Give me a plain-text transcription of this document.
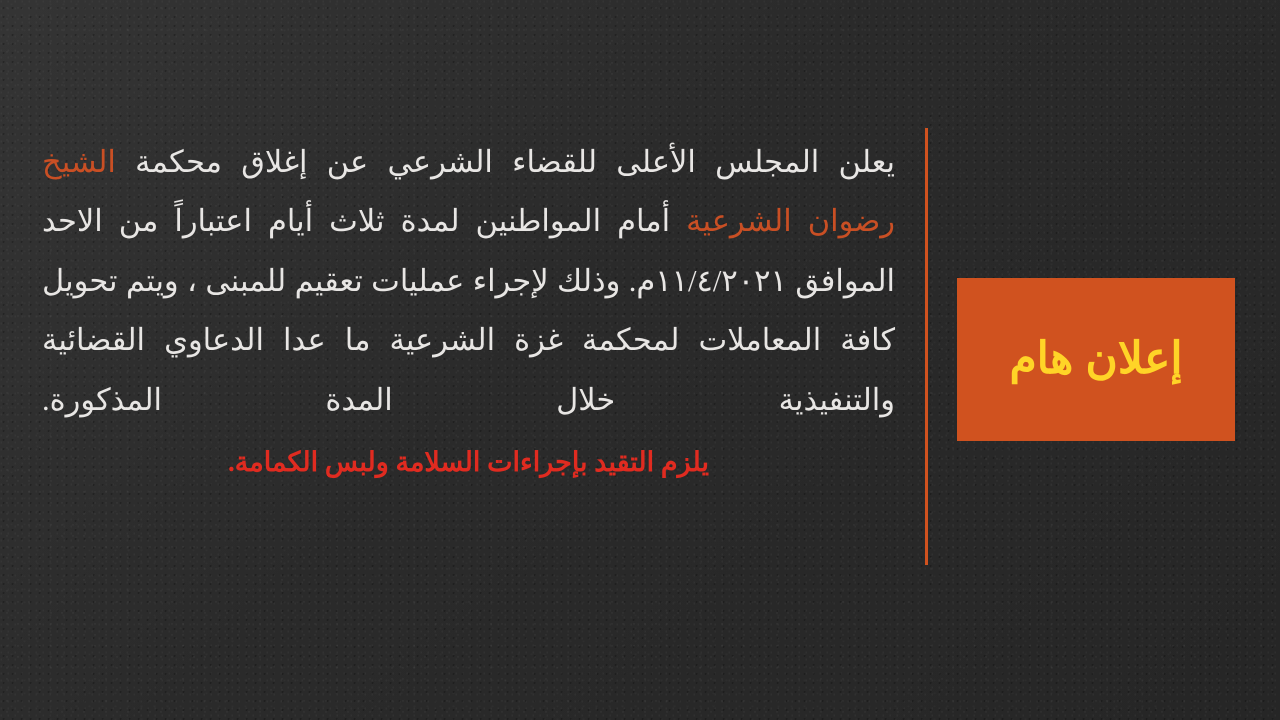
إعلان هام

يعلن المجلس الأعلى للقضاء الشرعي عن إغلاق محكمة الشيخ رضوان الشرعية أمام المواطنين لمدة ثلاث أيام اعتباراً من الاحد الموافق ١١/٤/٢٠٢١م. وذلك لإجراء عمليات تعقيم للمبنى ، ويتم تحويل كافة المعاملات لمحكمة غزة الشرعية ما عدا الدعاوي القضائية والتنفيذية خلال المدة المذكورة.

يلزم التقيد بإجراءات السلامة ولبس الكمامة.
